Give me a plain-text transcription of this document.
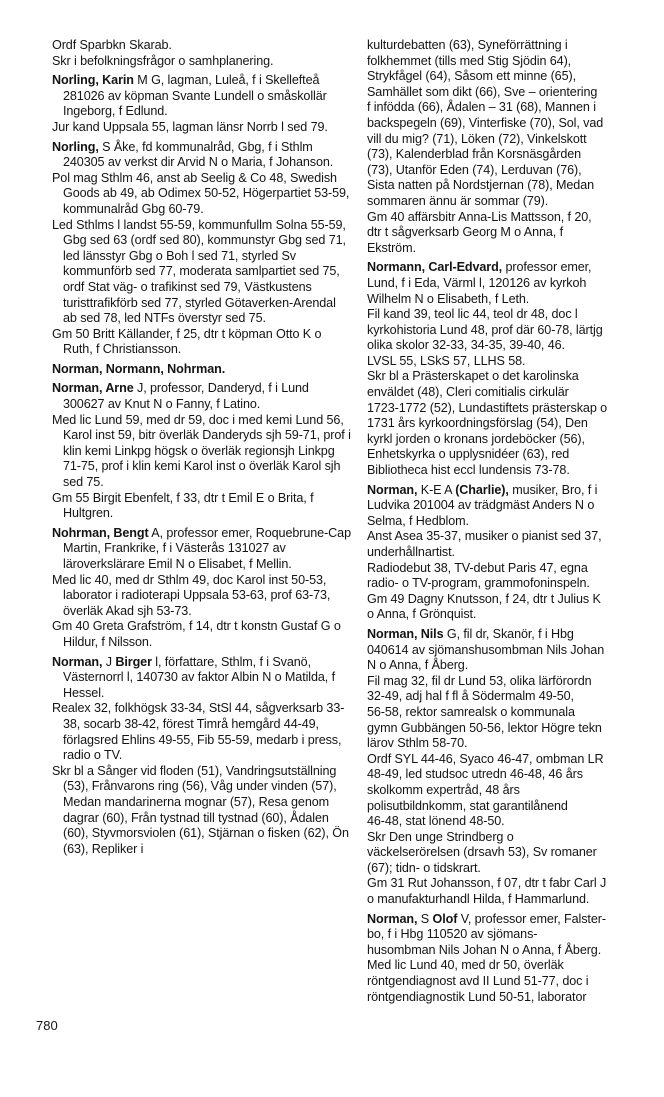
Ordf Sparbkn Skarab.

Skr i befolkningsfrågor o samhplanering.

Norling, Karin M G, lagman, Luleå, f i Skellefteå 281026 av köpman Svante Lundell o småskollär Ingeborg, f Edlund.

Jur kand Uppsala 55, lagman länsr Norrb l sed 79.

Norling, S Åke, fd kommunalråd, Gbg, f i Sthlm 240305 av verkst dir Arvid N o Maria, f Johanson.

Pol mag Sthlm 46, anst ab Seelig & Co 48, Swedish Goods ab 49, ab Odimex 50-52, Högerpartiet 53-59, kommunalråd Gbg 60-79.

Led Sthlms l landst 55-59, kommunfullm Solna 55-59, Gbg sed 63 (ordf sed 80), kommunstyr Gbg sed 71, led länsstyr Gbg o Boh l sed 71, styrled Sv kommunförb sed 77, moderata samlpartiet sed 75, ordf Stat väg- o trafikinst sed 79, Västkustens turisttrafikförb sed 77, styrled Götaverken-Arendal ab sed 78, led NTFs överstyr sed 75.

Gm 50 Britt Källander, f 25, dtr t köpman Otto K o Ruth, f Christiansson.

Norman, Normann, Nohrman.

Norman, Arne J, professor, Danderyd, f i Lund 300627 av Knut N o Fanny, f Latino.

Med lic Lund 59, med dr 59, doc i med kemi Lund 56, Karol inst 59, bitr överläk Danderyds sjh 59-71, prof i klin kemi Linkpg högsk o överläk regionsjh Linkpg 71-75, prof i klin kemi Karol inst o överläk Karol sjh sed 75.

Gm 55 Birgit Ebenfelt, f 33, dtr t Emil E o Brita, f Hultgren.

Nohrman, Bengt A, professor emer, Roquebrune-Cap Martin, Frankrike, f i Västerås 131027 av läroverkslärare Emil N o Elisabet, f Mellin.

Med lic 40, med dr Sthlm 49, doc Karol inst 50-53, laborator i radioterapi Uppsala 53-63, prof 63-73, överläk Akad sjh 53-73.

Gm 40 Greta Grafström, f 14, dtr t konstn Gustaf G o Hildur, f Nilsson.

Norman, J Birger l, författare, Sthlm, f i Svanö, Västernorrl l, 140730 av faktor Albin N o Matilda, f Hessel.

Realex 32, folkhögsk 33-34, StSl 44, sågverksarb 33-38, socarb 38-42, förest Timrå hemgård 44-49, förlagsred Ehlins 49-55, Fib 55-59, medarb i press, radio o TV.

Skr bl a Sånger vid floden (51), Vandringsutställning (53), Frånvarons ring (56), Våg under vinden (57), Medan mandarinerna mognar (57), Resa genom dagrar (60), Från tystnad till tystnad (60), Ådalen (60), Styvmorsviolen (61), Stjärnan o fisken (62), Ön (63), Repliker i

kulturdebatten (63), Syneförrättning i

folkhemmet (tills med Stig Sjödin 64),

Strykfågel (64), Såsom ett minne (65),

Samhället som dikt (66), Sve – orientering

f infödda (66), Ådalen – 31 (68), Mannen i

backspegeln (69), Vinterfiske (70), Sol, vad

vill du mig? (71), Löken (72), Vinkelskott

(73), Kalenderblad från Korsnäsgården

(73), Utanför Eden (74), Lerduvan (76),

Sista natten på Nordstjernan (78), Medan

sommaren ännu är sommar (79).

Gm 40 affärsbitr Anna-Lis Mattsson, f 20,

dtr t sågverksarb Georg M o Anna, f

Ekström.

Normann, Carl-Edvard, professor emer,

Lund, f i Eda, Värml l, 120126 av kyrkoh

Wilhelm N o Elisabeth, f Leth.

Fil kand 39, teol lic 44, teol dr 48, doc l

kyrkohistoria Lund 48, prof där 60-78, lärtjg

olika skolor 32-33, 34-35, 39-40, 46.

LVSL 55, LSkS 57, LLHS 58.

Skr bl a Prästerskapet o det karolinska

enväldet (48), Cleri comitialis cirkulär

1723-1772 (52), Lundastiftets prästerskap o

1731 års kyrkoordningsförslag (54), Den

kyrkl jorden o kronans jordeböcker (56),

Enhetskyrka o upplysnidéer (63), red

Bibliotheca hist eccl lundensis 73-78.

Norman, K-E A (Charlie), musiker, Bro, f i

Ludvika 201004 av trädgmäst Anders N o

Selma, f Hedblom.

Anst Asea 35-37, musiker o pianist sed 37,

underhållnartist.

Radiodebut 38, TV-debut Paris 47, egna

radio- o TV-program, grammofoninspeln.

Gm 49 Dagny Knutsson, f 24, dtr t Julius K

o Anna, f Grönquist.

Norman, Nils G, fil dr, Skanör, f i Hbg

040614 av sjömanshusombman Nils Johan

N o Anna, f Åberg.

Fil mag 32, fil dr Lund 53, olika lärförordn

32-49, adj hal f fl å Södermalm 49-50,

56-58, rektor samrealsk o kommunala

gymn Gubbängen 50-56, lektor Högre tekn

lärov Sthlm 58-70.

Ordf SYL 44-46, Syaco 46-47, ombman LR

48-49, led studsoc utredn 46-48, 46 års

skolkomm expertråd, 48 års

polisutbildnkomm, stat garantilånend

46-48, stat lönend 48-50.

Skr Den unge Strindberg o

väckelserörelsen (drsavh 53), Sv romaner

(67); tidn- o tidskrart.

Gm 31 Rut Johansson, f 07, dtr t fabr Carl J

o manufakturhandl Hilda, f Hammarlund.

Norman, S Olof V, professor emer, Falster-

bo, f i Hbg 110520 av sjömans-

husombman Nils Johan N o Anna, f Åberg.

Med lic Lund 40, med dr 50, överläk

röntgendiagnost avd II Lund 51-77, doc i

röntgendiagnostik Lund 50-51, laborator

780
